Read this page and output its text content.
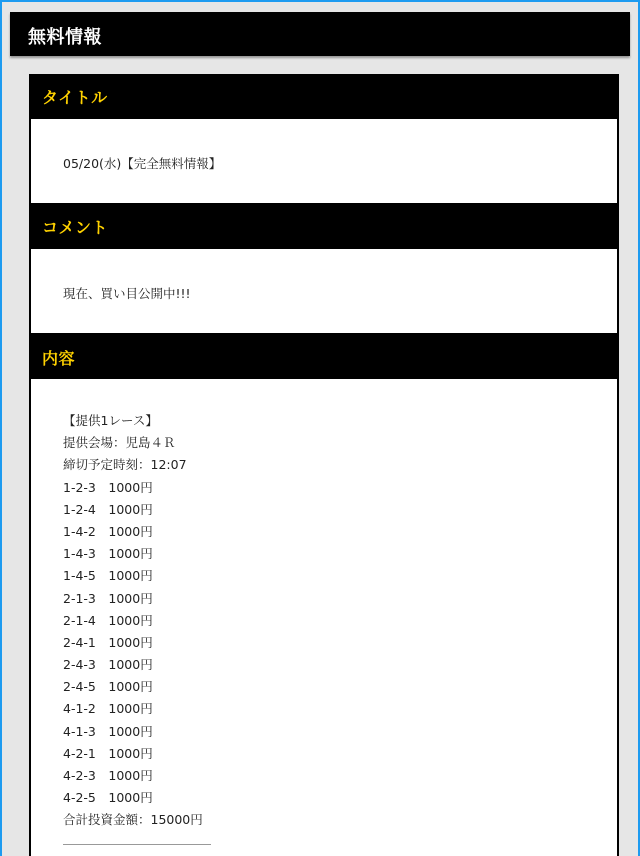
無料情報
タイトル
05/20(水)【完全無料情報】
コメント
現在、買い目公開中!!!
内容
【提供1レース】
提供会場：児島４Ｒ
締切予定時刻：12:07
1-2-3　1000円
1-2-4　1000円
1-4-2　1000円
1-4-3　1000円
1-4-5　1000円
2-1-3　1000円
2-1-4　1000円
2-4-1　1000円
2-4-3　1000円
2-4-5　1000円
4-1-2　1000円
4-1-3　1000円
4-2-1　1000円
4-2-3　1000円
4-2-5　1000円
合計投資金額：15000円
